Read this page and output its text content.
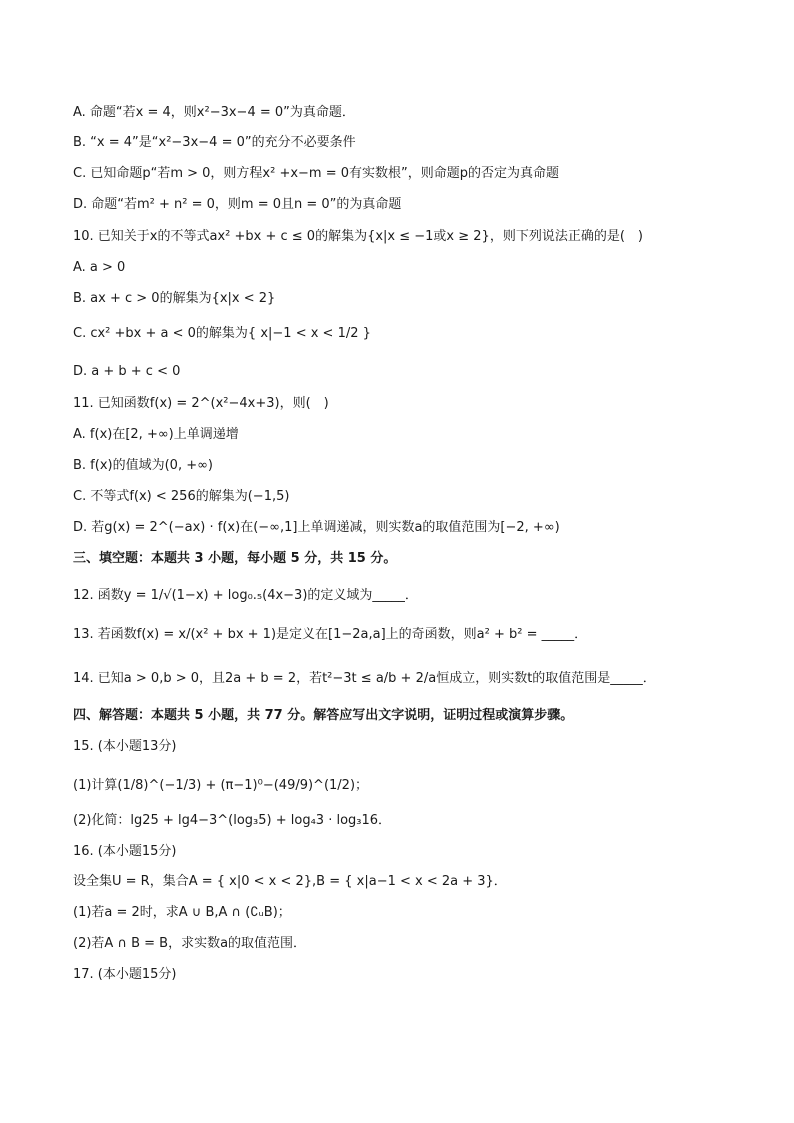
A. 命题“若x = 4，则x²−3x−4 = 0”为真命题．
B. “x = 4”是“x²−3x−4 = 0”的充分不必要条件
C. 已知命题p“若m > 0，则方程x² +x−m = 0有实数根”，则命题p的否定为真命题
D. 命题“若m² + n² = 0，则m = 0且n = 0”的为真命题
10. 已知关于x的不等式ax² +bx + c ≤ 0的解集为{x|x ≤ −1或x ≥ 2}，则下列说法正确的是(　)
A. a > 0
B. ax + c > 0的解集为{x|x < 2}
C. cx² +bx + a < 0的解集为{ x|−1 < x < 1/2 }
D. a + b + c < 0
11. 已知函数f(x) = 2^(x²−4x+3)，则(　)
A. f(x)在[2, +∞)上单调递增
B. f(x)的值域为(0, +∞)
C. 不等式f(x) < 256的解集为(−1,5)
D. 若g(x) = 2^(−ax) · f(x)在(−∞,1]上单调递减，则实数a的取值范围为[−2, +∞)
三、填空题：本题共 3 小题，每小题 5 分，共 15 分。
12. 函数y = 1/√(1−x) + log₀.₅(4x−3)的定义域为_____．
13. 若函数f(x) = x/(x² + bx + 1)是定义在[1−2a,a]上的奇函数，则a² + b² = _____．
14. 已知a > 0,b > 0，且2a + b = 2，若t²−3t ≤ a/b + 2/a恒成立，则实数t的取值范围是_____．
四、解答题：本题共 5 小题，共 77 分。解答应写出文字说明，证明过程或演算步骤。
15. (本小题13分)
(1)计算(1/8)^(−1/3) + (π−1)⁰−(49/9)^(1/2)；
(2)化简：lg25 + lg4−3^(log₃5) + log₄3 · log₃16．
16. (本小题15分)
设全集U = R，集合A = { x|0 < x < 2},B = { x|a−1 < x < 2a + 3}．
(1)若a = 2时，求A ∪ B,A ∩ (∁ᵤB)；
(2)若A ∩ B = B，求实数a的取值范围．
17. (本小题15分)
